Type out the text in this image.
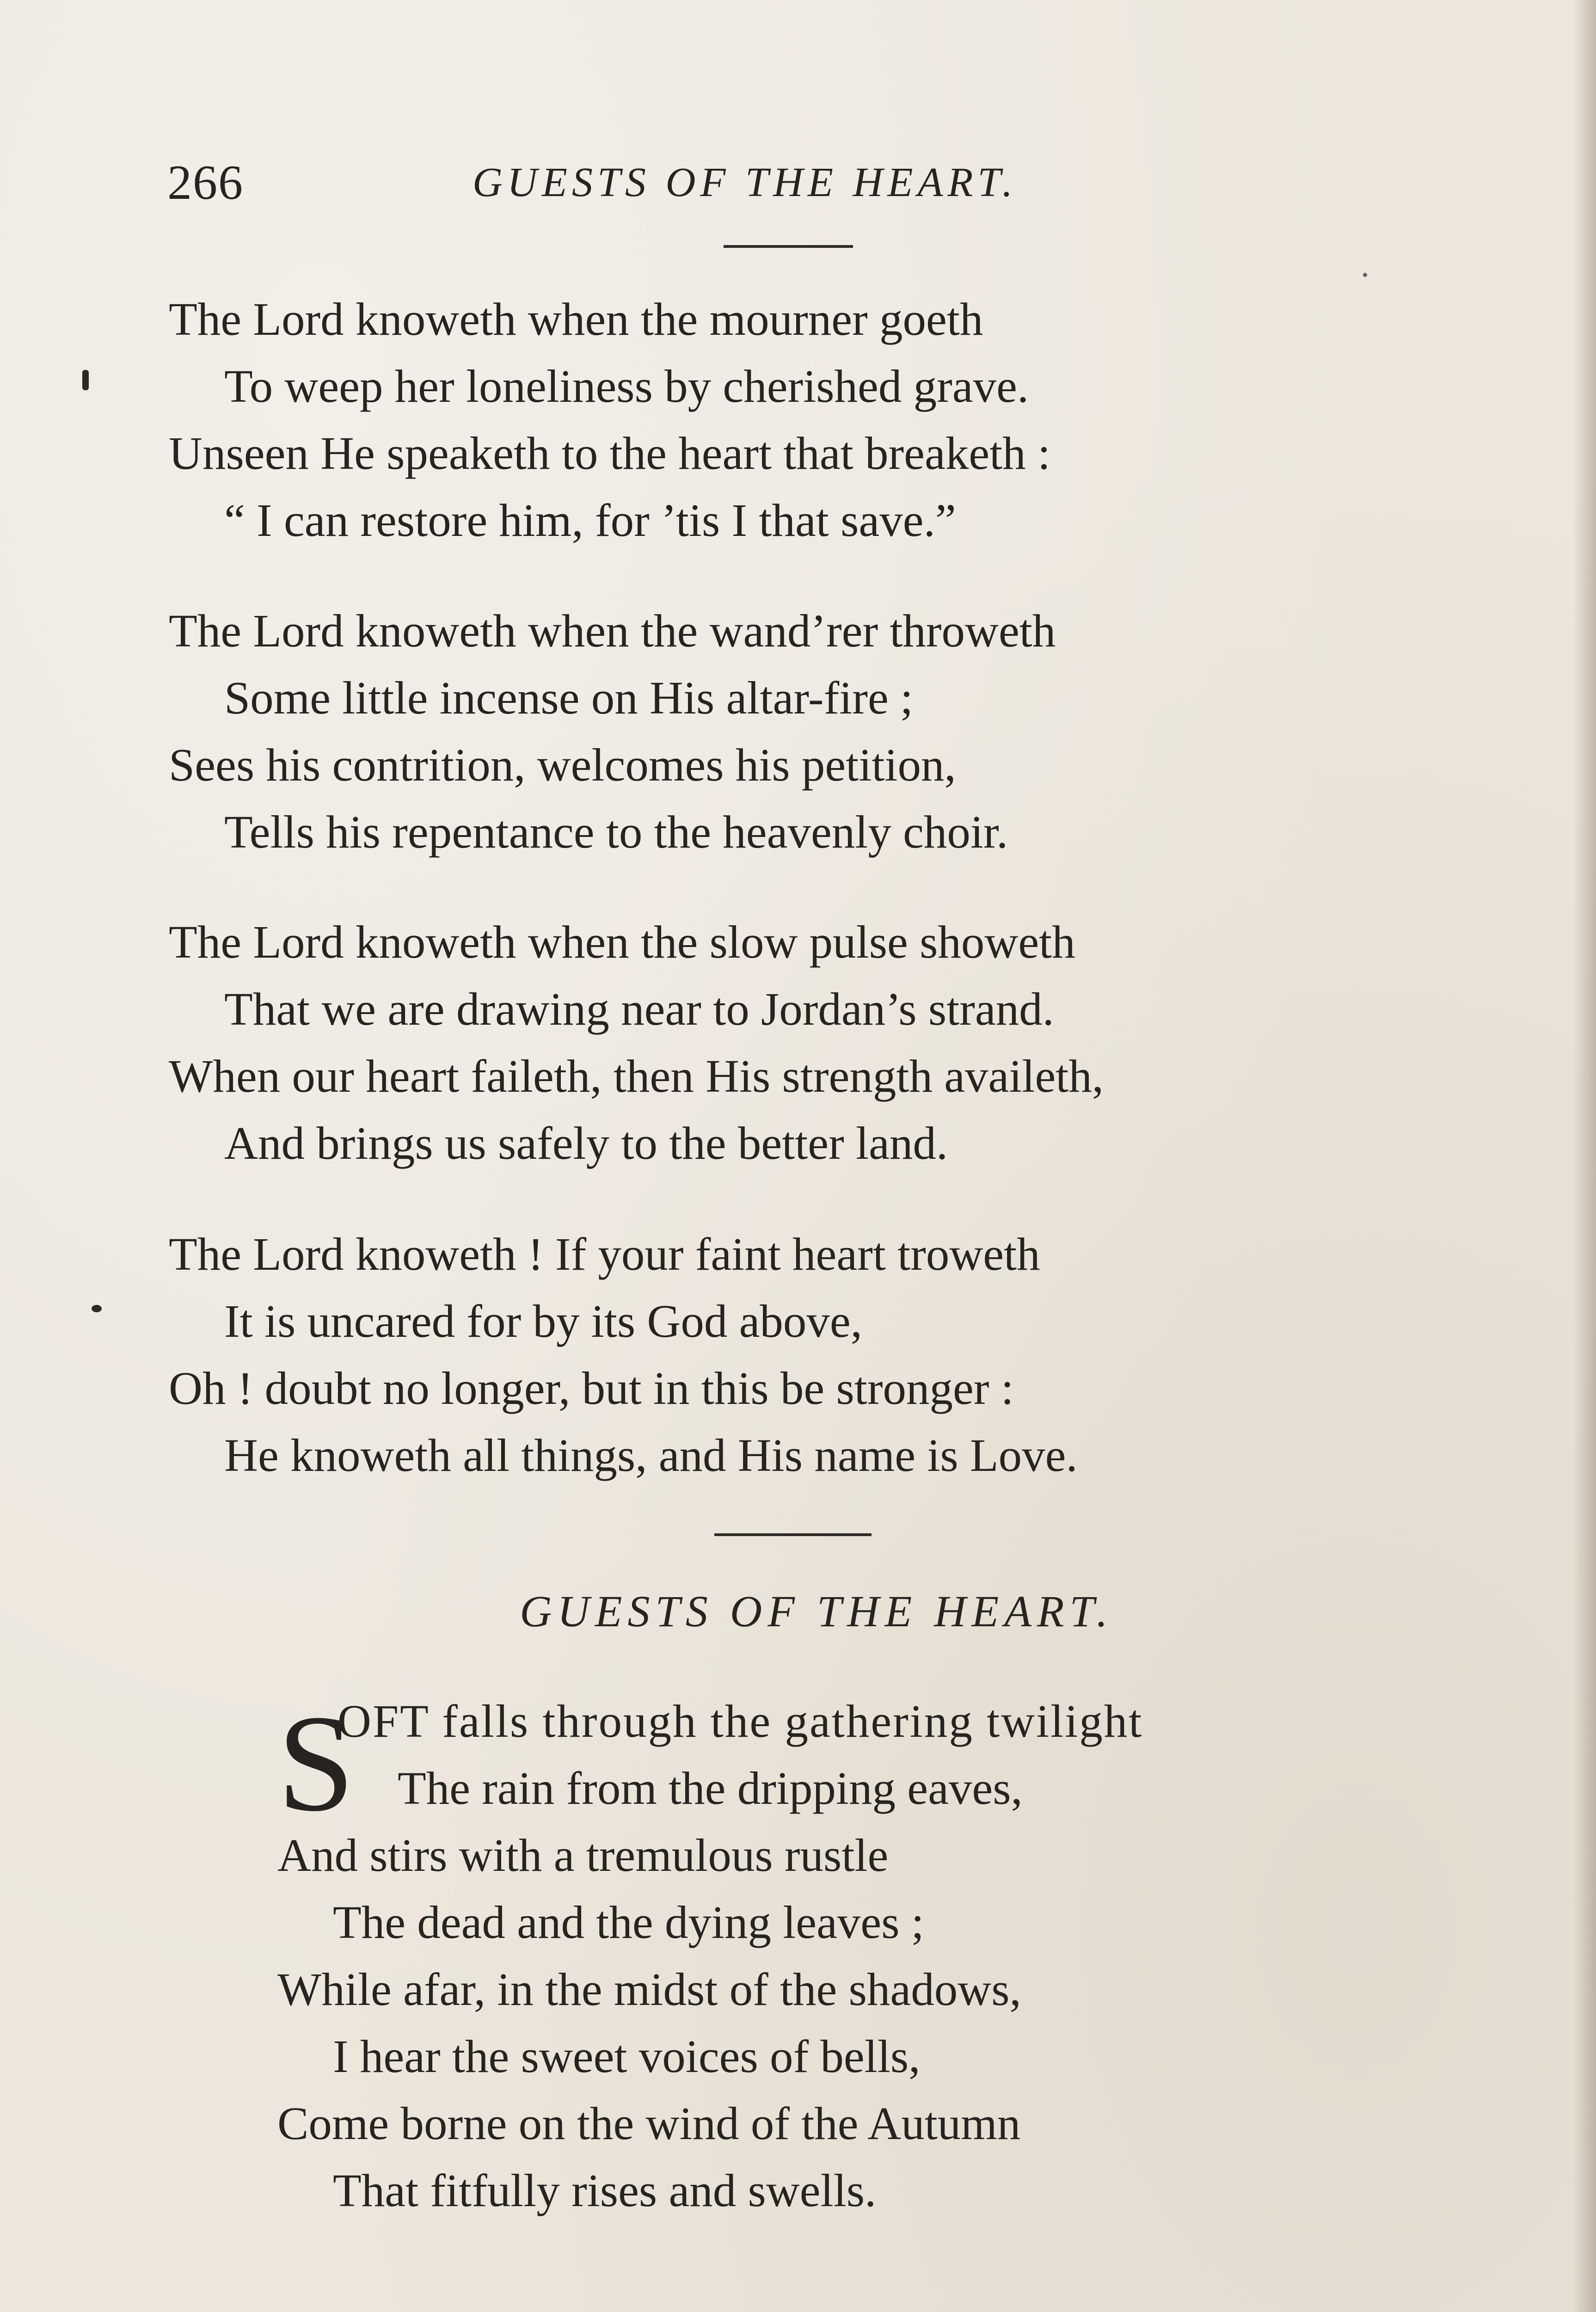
266	GUESTS OF THE HEART.
The Lord knoweth when the mourner goeth
To weep her loneliness by cherished grave.
Unseen He speaketh to the heart that breaketh :
“ I can restore him, for ’tis I that save.”
The Lord knoweth when the wand’rer throweth
Some little incense on His altar-fire ;
Sees his contrition, welcomes his petition,
Tells his repentance to the heavenly choir.
The Lord knoweth when the slow pulse showeth
That we are drawing near to Jordan’s strand.
When our heart faileth, then His strength availeth,
And brings us safely to the better land.
The Lord knoweth ! If your faint heart troweth
It is uncared for by its God above,
Oh ! doubt no longer, but in this be stronger :
He knoweth all things, and His name is Love.
GUESTS OF THE HEART.
S
OFT falls through the gathering twilight
The rain from the dripping eaves,
And stirs with a tremulous rustle
The dead and the dying leaves ;
While afar, in the midst of the shadows,
I hear the sweet voices of bells,
Come borne on the wind of the Autumn
That fitfully rises and swells.
